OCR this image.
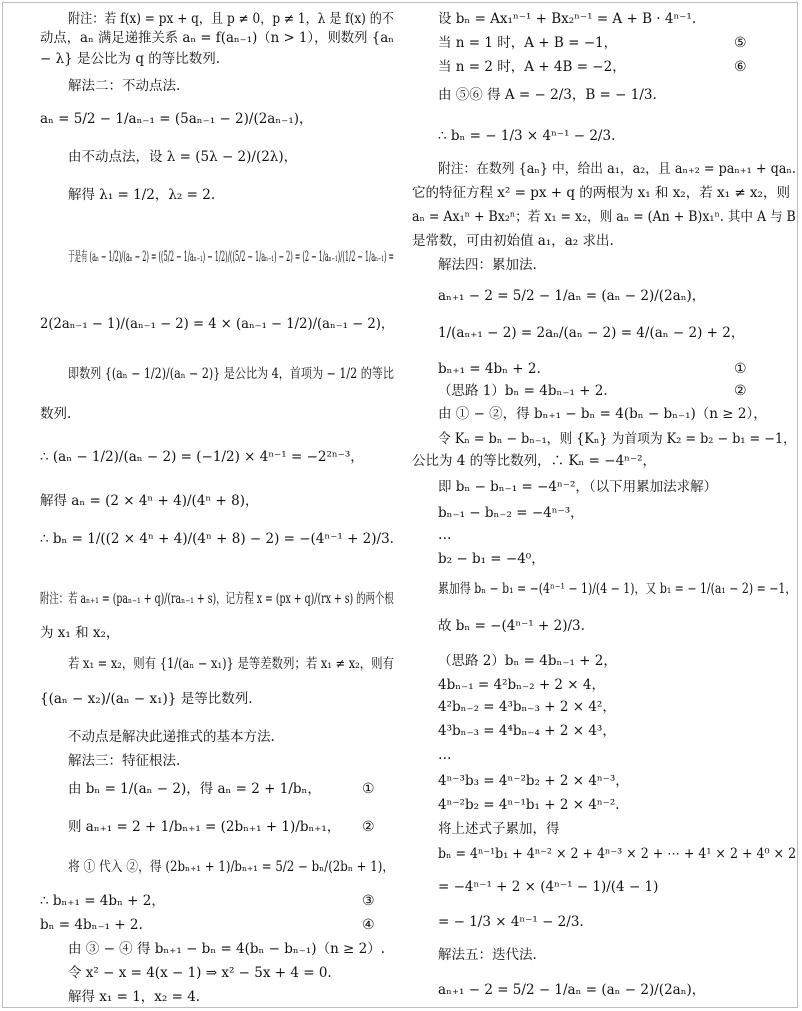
附注：若 f(x) = px + q，且 p ≠ 0，p ≠ 1，λ 是 f(x) 的不
动点，aₙ 满足递推关系 aₙ = f(aₙ₋₁)（n > 1），则数列 {aₙ
− λ} 是公比为 q 的等比数列.
解法二：不动点法.
aₙ = 5/2 − 1/aₙ₋₁ = (5aₙ₋₁ − 2)/(2aₙ₋₁)，
由不动点法，设 λ = (5λ − 2)/(2λ)，
解得 λ₁ = 1/2，λ₂ = 2.
于是有 (aₙ − 1/2)/(aₙ − 2) = ((5/2 − 1/aₙ₋₁) − 1/2)/((5/2 − 1/aₙ₋₁) − 2) = (2 − 1/aₙ₋₁)/(1/2 − 1/aₙ₋₁) =
2(2aₙ₋₁ − 1)/(aₙ₋₁ − 2) = 4 × (aₙ₋₁ − 1/2)/(aₙ₋₁ − 2)，
即数列 {(aₙ − 1/2)/(aₙ − 2)} 是公比为 4，首项为 − 1/2 的等比
数列.
∴ (aₙ − 1/2)/(aₙ − 2) = (−1/2) × 4ⁿ⁻¹ = −2²ⁿ⁻³，
解得 aₙ = (2 × 4ⁿ + 4)/(4ⁿ + 8)，
∴ bₙ = 1/((2 × 4ⁿ + 4)/(4ⁿ + 8) − 2) = −(4ⁿ⁻¹ + 2)/3.
附注：若 aₙ₊₁ = (paₙ₋₁ + q)/(raₙ₋₁ + s)，记方程 x = (px + q)/(rx + s) 的两个根
为 x₁ 和 x₂，
若 x₁ = x₂，则有 {1/(aₙ − x₁)} 是等差数列；若 x₁ ≠ x₂，则有
{(aₙ − x₂)/(aₙ − x₁)} 是等比数列.
不动点是解决此递推式的基本方法.
解法三：特征根法.
由 bₙ = 1/(aₙ − 2)，得 aₙ = 2 + 1/bₙ，	①
则 aₙ₊₁ = 2 + 1/bₙ₊₁ = (2bₙ₊₁ + 1)/bₙ₊₁， ②
将 ① 代入 ②，得 (2bₙ₊₁ + 1)/bₙ₊₁ = 5/2 − bₙ/(2bₙ + 1)，
∴ bₙ₊₁ = 4bₙ + 2，	③
bₙ = 4bₙ₋₁ + 2.	④
由 ③ − ④ 得 bₙ₊₁ − bₙ = 4(bₙ − bₙ₋₁)（n ≥ 2）.
令 x² − x = 4(x − 1) ⇒ x² − 5x + 4 = 0.
解得 x₁ = 1，x₂ = 4.
设 bₙ = Ax₁ⁿ⁻¹ + Bx₂ⁿ⁻¹ = A + B · 4ⁿ⁻¹.
当 n = 1 时，A + B = −1，	⑤
当 n = 2 时，A + 4B = −2，	⑥
由 ⑤⑥ 得 A = − 2/3，B = − 1/3.
∴ bₙ = − 1/3 × 4ⁿ⁻¹ − 2/3.
附注：在数列 {aₙ} 中，给出 a₁，a₂，且 aₙ₊₂ = paₙ₊₁ + qaₙ.
它的特征方程 x² = px + q 的两根为 x₁ 和 x₂，若 x₁ ≠ x₂，则
aₙ = Ax₁ⁿ + Bx₂ⁿ；若 x₁ = x₂，则 aₙ = (An + B)x₁ⁿ. 其中 A 与 B
是常数，可由初始值 a₁，a₂ 求出.
解法四：累加法.
aₙ₊₁ − 2 = 5/2 − 1/aₙ = (aₙ − 2)/(2aₙ)，
1/(aₙ₊₁ − 2) = 2aₙ/(aₙ − 2) = 4/(aₙ − 2) + 2，
bₙ₊₁ = 4bₙ + 2.	①
（思路 1）bₙ = 4bₙ₋₁ + 2.	②
由 ① − ②，得 bₙ₊₁ − bₙ = 4(bₙ − bₙ₋₁)（n ≥ 2），
令 Kₙ = bₙ − bₙ₋₁，则 {Kₙ} 为首项为 K₂ = b₂ − b₁ = −1，
公比为 4 的等比数列，∴ Kₙ = −4ⁿ⁻²，
即 bₙ − bₙ₋₁ = −4ⁿ⁻²，（以下用累加法求解）
bₙ₋₁ − bₙ₋₂ = −4ⁿ⁻³，
…
b₂ − b₁ = −4⁰，
累加得 bₙ − b₁ = −(4ⁿ⁻¹ − 1)/(4 − 1)，又 b₁ = − 1/(a₁ − 2) = −1，
故 bₙ = −(4ⁿ⁻¹ + 2)/3.
（思路 2）bₙ = 4bₙ₋₁ + 2，
4bₙ₋₁ = 4²bₙ₋₂ + 2 × 4，
4²bₙ₋₂ = 4³bₙ₋₃ + 2 × 4²，
4³bₙ₋₃ = 4⁴bₙ₋₄ + 2 × 4³，
…
4ⁿ⁻³b₃ = 4ⁿ⁻²b₂ + 2 × 4ⁿ⁻³，
4ⁿ⁻²b₂ = 4ⁿ⁻¹b₁ + 2 × 4ⁿ⁻².
将上述式子累加，得
bₙ = 4ⁿ⁻¹b₁ + 4ⁿ⁻² × 2 + 4ⁿ⁻³ × 2 + ⋯ + 4¹ × 2 + 4⁰ × 2
= −4ⁿ⁻¹ + 2 × (4ⁿ⁻¹ − 1)/(4 − 1)
= − 1/3 × 4ⁿ⁻¹ − 2/3.
解法五：迭代法.
aₙ₊₁ − 2 = 5/2 − 1/aₙ = (aₙ − 2)/(2aₙ)，
